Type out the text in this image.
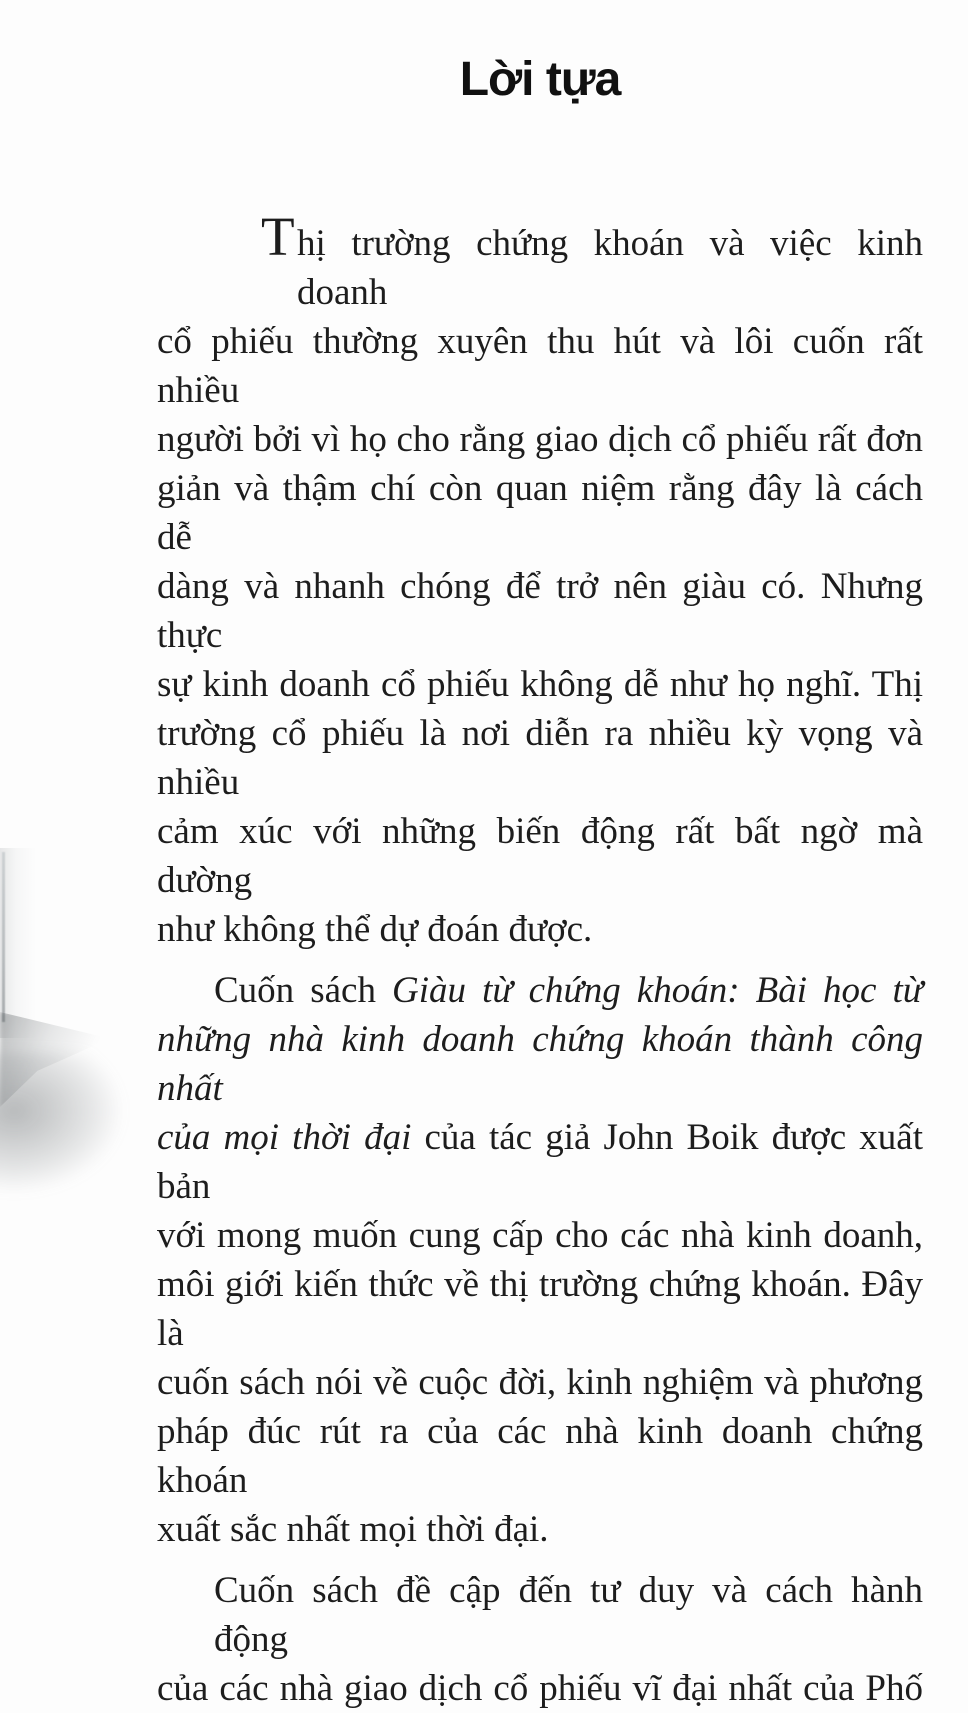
Lời tựa
T hị trường chứng khoán và việc kinh doanh
cổ phiếu thường xuyên thu hút và lôi cuốn rất nhiều
người bởi vì họ cho rằng giao dịch cổ phiếu rất đơn
giản và thậm chí còn quan niệm rằng đây là cách dễ
dàng và nhanh chóng để trở nên giàu có. Nhưng thực
sự kinh doanh cổ phiếu không dễ như họ nghĩ. Thị
trường cổ phiếu là nơi diễn ra nhiều kỳ vọng và nhiều
cảm xúc với những biến động rất bất ngờ mà dường
như không thể dự đoán được.
Cuốn sách Giàu từ chứng khoán: Bài học từ
những nhà kinh doanh chứng khoán thành công nhất
của mọi thời đại của tác giả John Boik được xuất bản
với mong muốn cung cấp cho các nhà kinh doanh,
môi giới kiến thức về thị trường chứng khoán. Đây là
cuốn sách nói về cuộc đời, kinh nghiệm và phương
pháp đúc rút ra của các nhà kinh doanh chứng khoán
xuất sắc nhất mọi thời đại.
Cuốn sách đề cập đến tư duy và cách hành động
của các nhà giao dịch cổ phiếu vĩ đại nhất của Phố
